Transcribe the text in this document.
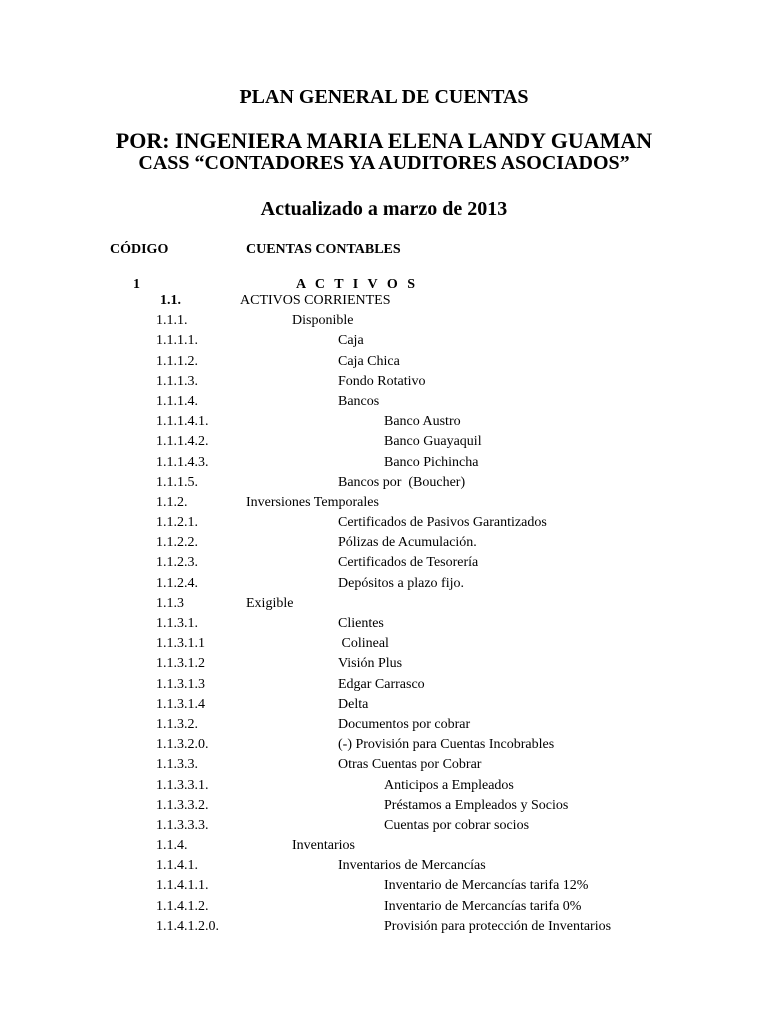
PLAN GENERAL DE CUENTAS
POR: INGENIERA MARIA ELENA LANDY GUAMAN
CASS “CONTADORES YA AUDITORES ASOCIADOS”
Actualizado a marzo de 2013
CÓDIGO	CUENTAS CONTABLES
1	A C T I V O S
1.1.	ACTIVOS CORRIENTES
1.1.1.	Disponible
1.1.1.1.	Caja
1.1.1.2.	Caja Chica
1.1.1.3.	Fondo Rotativo
1.1.1.4.	Bancos
1.1.1.4.1.	Banco Austro
1.1.1.4.2.	Banco Guayaquil
1.1.1.4.3.	Banco Pichincha
1.1.1.5.	Bancos por  (Boucher)
1.1.2.	Inversiones Temporales
1.1.2.1.	Certificados de Pasivos Garantizados
1.1.2.2.	Pólizas de Acumulación.
1.1.2.3.	Certificados de Tesorería
1.1.2.4.	Depósitos a plazo fijo.
1.1.3	Exigible
1.1.3.1.	Clientes
1.1.3.1.1	Colineal
1.1.3.1.2	Visión Plus
1.1.3.1.3	Edgar Carrasco
1.1.3.1.4	Delta
1.1.3.2.	Documentos por cobrar
1.1.3.2.0.	(-) Provisión para Cuentas Incobrables
1.1.3.3.	Otras Cuentas por Cobrar
1.1.3.3.1.	Anticipos a Empleados
1.1.3.3.2.	Préstamos a Empleados y Socios
1.1.3.3.3.	Cuentas por cobrar socios
1.1.4.	Inventarios
1.1.4.1.	Inventarios de Mercancías
1.1.4.1.1.	Inventario de Mercancías tarifa 12%
1.1.4.1.2.	Inventario de Mercancías tarifa 0%
1.1.4.1.2.0.	Provisión para protección de Inventarios
